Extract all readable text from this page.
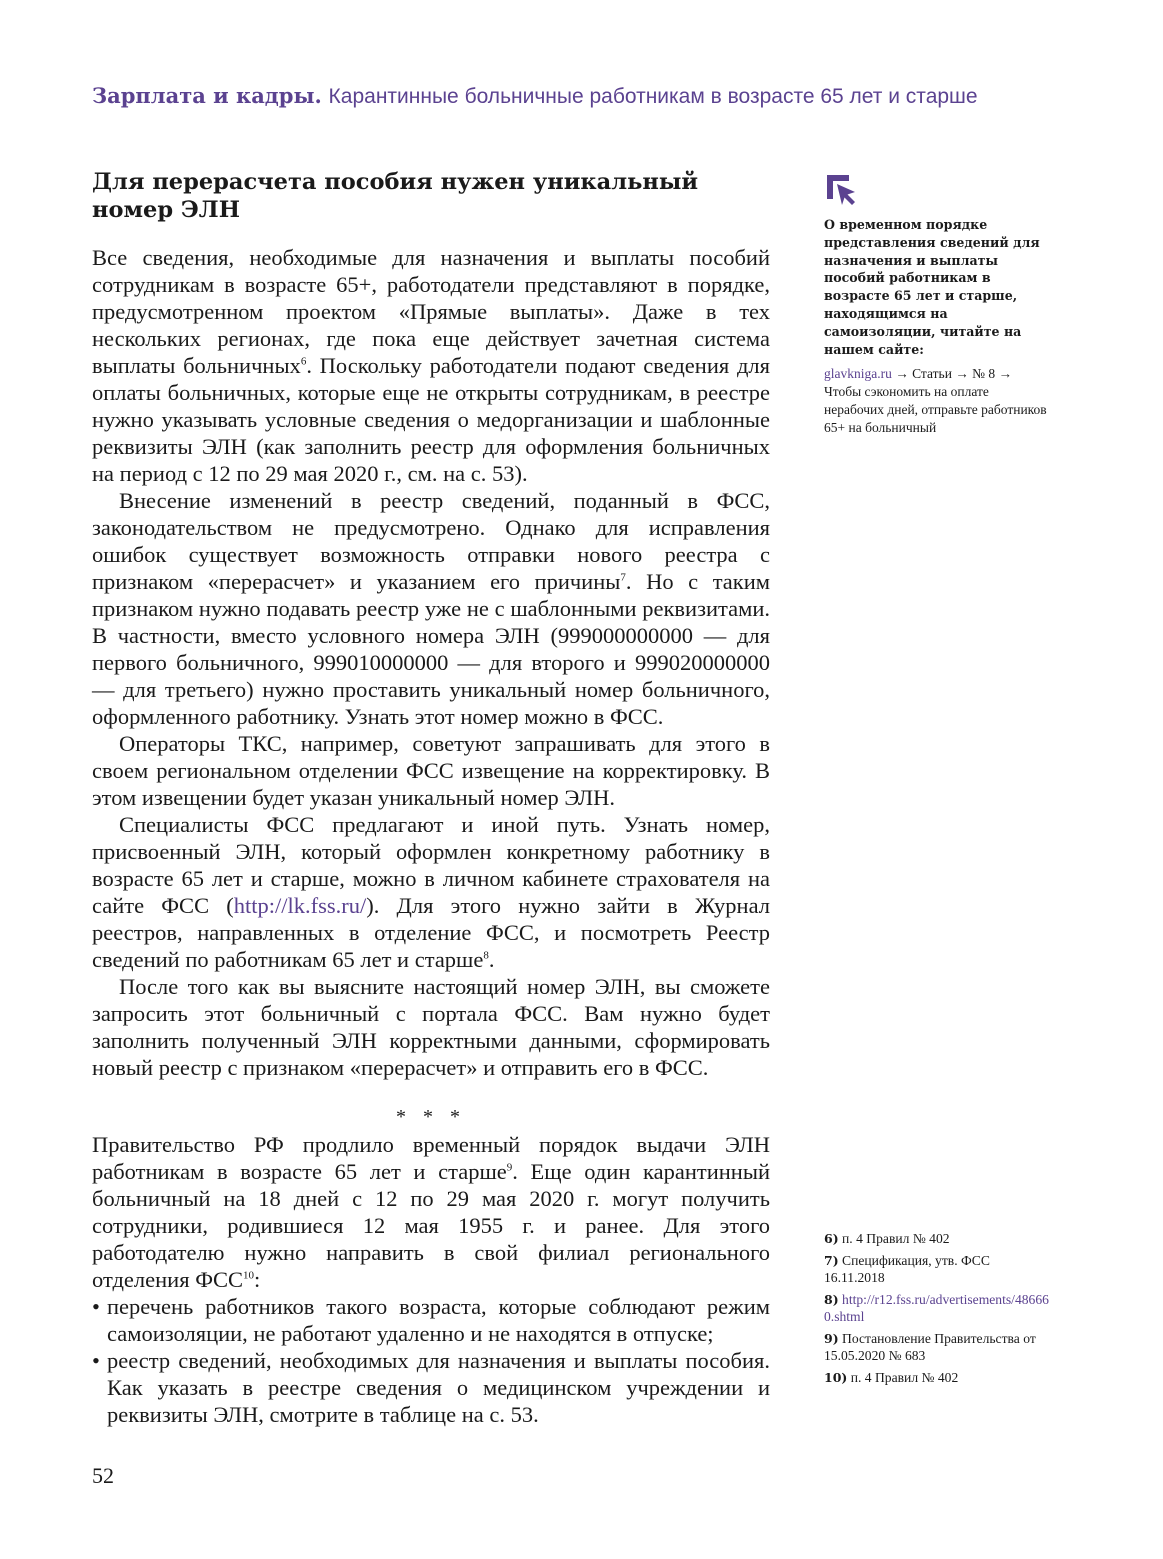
Зарплата и кадры. Карантинные больничные работникам в возрасте 65 лет и старше
Для перерасчета пособия нужен уникальный номер ЭЛН

Все сведения, необходимые для назначения и выплаты пособий сотрудникам в возрасте 65+, работодатели представляют в порядке, предусмотренном проектом «Прямые выплаты». Даже в тех нескольких регионах, где пока еще действует зачетная система выплаты больничных$^6$. Поскольку работодатели подают сведения для оплаты больничных, которые еще не открыты сотрудникам, в реестре нужно указывать условные сведения о медорганизации и шаблонные реквизиты ЭЛН (как заполнить реестр для оформления больничных на период с 12 по 29 мая 2020 г., см. на с. 53).

Внесение изменений в реестр сведений, поданный в ФСС, законодательством не предусмотрено. Однако для исправления ошибок существует возможность отправки нового реестра с признаком «перерасчет» и указанием его причины$^7$. Но с таким признаком нужно подавать реестр уже не с шаблонными реквизитами. В частности, вместо условного номера ЭЛН (999000000000 — для первого больничного, 999010000000 — для второго и 999020000000 — для третьего) нужно проставить уникальный номер больничного, оформленного работнику. Узнать этот номер можно в ФСС.

Операторы ТКС, например, советуют запрашивать для этого в своем региональном отделении ФСС извещение на корректировку. В этом извещении будет указан уникальный номер ЭЛН.

Специалисты ФСС предлагают и иной путь. Узнать номер, присвоенный ЭЛН, который оформлен конкретному работнику в возрасте 65 лет и старше, можно в личном кабинете страхователя на сайте ФСС (http://lk.fss.ru/). Для этого нужно зайти в Журнал реестров, направленных в отделение ФСС, и посмотреть Реестр сведений по работникам 65 лет и старше$^8$.

После того как вы выясните настоящий номер ЭЛН, вы сможете запросить этот больничный с портала ФСС. Вам нужно будет заполнить полученный ЭЛН корректными данными, сформировать новый реестр с признаком «перерасчет» и отправить его в ФСС.

* * *

Правительство РФ продлило временный порядок выдачи ЭЛН работникам в возрасте 65 лет и старше$^9$. Еще один карантинный больничный на 18 дней с 12 по 29 мая 2020 г. могут получить сотрудники, родившиеся 12 мая 1955 г. и ранее. Для этого работодателю нужно направить в свой филиал регионального отделения ФСС$^{10}$:

• перечень работников такого возраста, которые соблюдают режим самоизоляции, не работают удаленно и не находятся в отпуске;
• реестр сведений, необходимых для назначения и выплаты пособия. Как указать в реестре сведения о медицинском учреждении и реквизиты ЭЛН, смотрите в таблице на с. 53.

О временном порядке представления сведений для назначения и выплаты пособий работникам в возрасте 65 лет и старше, находящимся на самоизоляции, читайте на нашем сайте:

glavkniga.ru → Статьи → № 8 →
Чтобы сэкономить на оплате нерабочих дней, отправьте работников 65+ на больничный

6) п. 4 Правил № 402

7) Спецификация, утв. ФСС 16.11.2018

8) http://r12.fss.ru/advertisements/486660.shtml

9) Постановление Правительства от 15.05.2020 № 683

10) п. 4 Правил № 402

52
